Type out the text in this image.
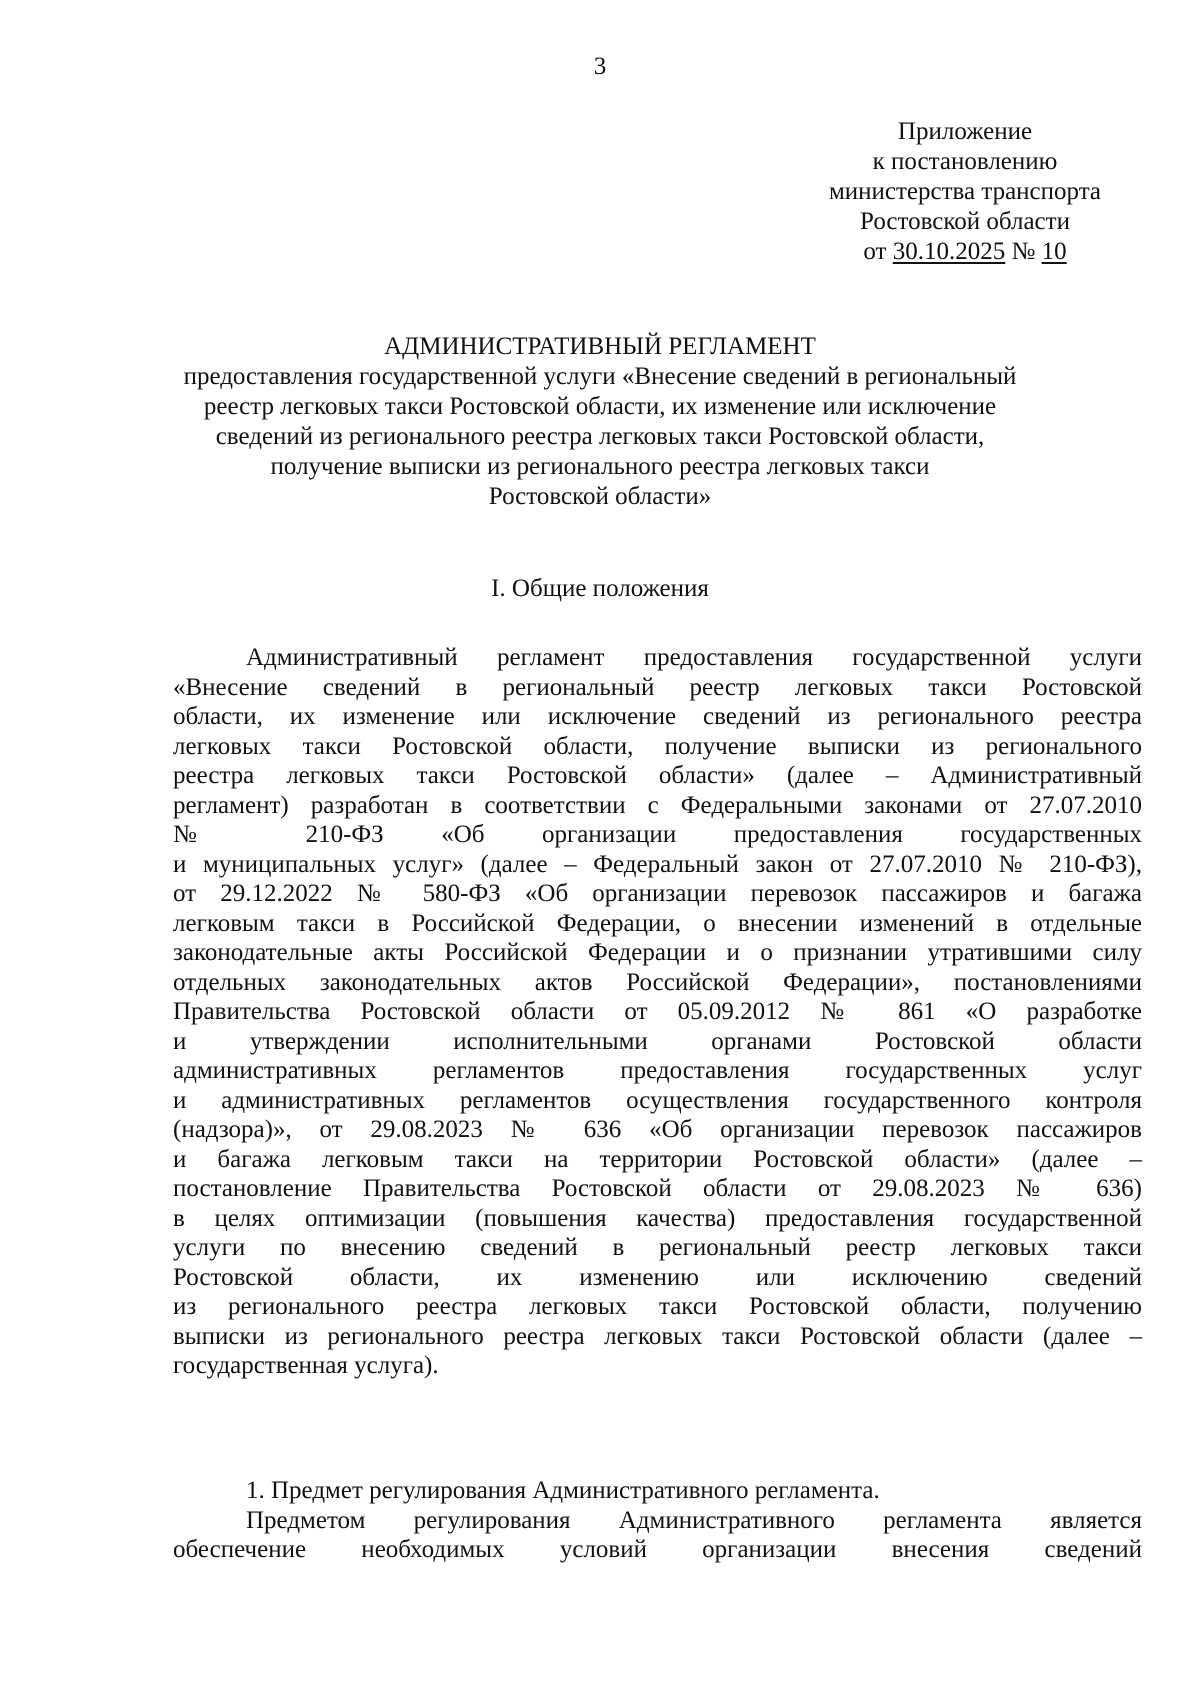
3
Приложение
к постановлению
министерства транспорта
Ростовской области
от 30.10.2025 № 10
АДМИНИСТРАТИВНЫЙ РЕГЛАМЕНТ
предоставления государственной услуги «Внесение сведений в региональный
реестр легковых такси Ростовской области, их изменение или исключение
сведений из регионального реестра легковых такси Ростовской области,
получение выписки из регионального реестра легковых такси
Ростовской области»
I. Общие положения
Административный регламент предоставления государственной услуги
«Внесение сведений в региональный реестр легковых такси Ростовской
области, их изменение или исключение сведений из регионального реестра
легковых такси Ростовской области, получение выписки из регионального
реестра легковых такси Ростовской области» (далее – Административный
регламент) разработан в соответствии с Федеральными законами от 27.07.2010
№ 210-ФЗ «Об организации предоставления государственных
и муниципальных услуг» (далее – Федеральный закон от 27.07.2010 № 210-ФЗ),
от 29.12.2022 № 580-ФЗ «Об организации перевозок пассажиров и багажа
легковым такси в Российской Федерации, о внесении изменений в отдельные
законодательные акты Российской Федерации и о признании утратившими силу
отдельных законодательных актов Российской Федерации», постановлениями
Правительства Ростовской области от 05.09.2012 № 861 «О разработке
и утверждении исполнительными органами Ростовской области
административных регламентов предоставления государственных услуг
и административных регламентов осуществления государственного контроля
(надзора)», от 29.08.2023 № 636 «Об организации перевозок пассажиров
и багажа легковым такси на территории Ростовской области» (далее –
постановление Правительства Ростовской области от 29.08.2023 № 636)
в целях оптимизации (повышения качества) предоставления государственной
услуги по внесению сведений в региональный реестр легковых такси
Ростовской области, их изменению или исключению сведений
из регионального реестра легковых такси Ростовской области, получению
выписки из регионального реестра легковых такси Ростовской области (далее –
государственная услуга).
1. Предмет регулирования Административного регламента.
Предметом регулирования Административного регламента является
обеспечение необходимых условий организации внесения сведений
